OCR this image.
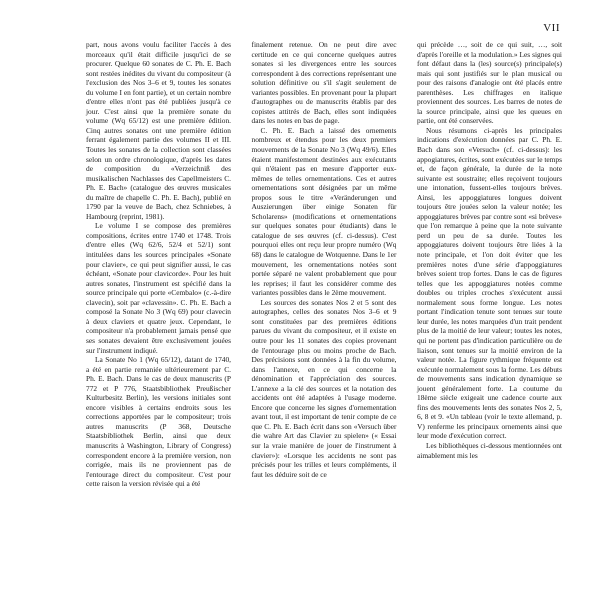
VII

part, nous avons voulu faciliter l'accès à des morceaux qu'il était difficile jusqu'ici de se procurer. Quelque 60 sonates de C. Ph. E. Bach sont restées inédites du vivant du compositeur (à l'exclusion des Nos 3–6 et 9, toutes les sonates du volume I en font partie), et un certain nombre d'entre elles n'ont pas été publiées jusqu'à ce jour. C'est ainsi que la première sonate du volume (Wq 65/12) est une première édition. Cinq autres sonates ont une première édition ferrant également partie des volumes II et III. Toutes les sonates de la collection sont classées selon un ordre chronologique, d'après les dates de composition du «Verzeichniß des musikalischen Nachlasses des Capellmeisters C. Ph. E. Bach» (catalogue des œuvres musicales du maître de chapelle C. Ph. E. Bach), publié en 1790 par la veuve de Bach, chez Schniebes, à Hambourg (reprint, 1981).

Le volume I se compose des premières compositions, écrites entre 1740 et 1748. Trois d'entre elles (Wq 62/6, 52/4 et 52/1) sont intitulées dans les sources principales «Sonate pour clavier», ce qui peut signifier aussi, le cas échéant, «Sonate pour clavicorde». Pour les huit autres sonates, l'instrument est spécifié dans la source principale qui porte «Cembalo» (c.-à-dire clavecin), soit par «clavessin». C. Ph. E. Bach a composé la Sonate No 3 (Wq 69) pour clavecin à deux claviers et quatre jeux. Cependant, le compositeur n'a probablement jamais pensé que ses sonates devaient être exclusivement jouées sur l'instrument indiqué.

La Sonate No 1 (Wq 65/12), datant de 1740, a été en partie remaniée ultérieurement par C. Ph. E. Bach. Dans le cas de deux manuscrits (P 772 et P 776, Staatsbibliothek Preußischer Kulturbesitz Berlin), les versions initiales sont encore visibles à certains endroits sous les corrections apportées par le compositeur; trois autres manuscrits (P 368, Deutsche Staatsbibliothek Berlin, ainsi que deux manuscrits à Washington, Library of Congress) correspondent encore à la première version, non corrigée, mais ils ne proviennent pas de l'entourage direct du compositeur. C'est pour cette raison la version révisée qui a été

finalement retenue. On ne peut dire avec certitude en ce qui concerne quelques autres sonates si les divergences entre les sources correspondent à des corrections représentant une solution définitive ou s'il s'agit seulement de variantes possibles. En provenant pour la plupart d'autographes ou de manuscrits établis par des copistes attitrés de Bach, elles sont indiquées dans les notes en bas de page.

C. Ph. E. Bach a laissé des ornements nombreux et étendus pour les deux premiers mouvements de la Sonate No 3 (Wq 49/6). Elles étaient manifestement destinées aux exécutants qui n'étaient pas en mesure d'apporter eux-mêmes de telles ornementations. Ces et autres ornementations sont désignées par un même propos sous le titre «Veränderungen und Auszierungen über einige Sonaten für Scholarens» (modifications et ornementations sur quelques sonates pour étudiants) dans le catalogue de ses œuvres (cf. ci-dessus). C'est pourquoi elles ont reçu leur propre numéro (Wq 68) dans le catalogue de Wotquenne. Dans le 1er mouvement, les ornementations notées sont portée séparé ne valent probablement que pour les reprises; il faut les considérer comme des variantes possibles dans le 2ème mouvement.

Les sources des sonates Nos 2 et 5 sont des autographes, celles des sonates Nos 3–6 et 9 sont constituées par des premières éditions parues du vivant du compositeur, et il existe en outre pour les 11 sonates des copies provenant de l'entourage plus ou moins proche de Bach. Des précisions sont données à la fin du volume, dans l'annexe, en ce qui concerne la dénomination et l'appréciation des sources. L'annexe a la clé des sources et la notation des accidents ont été adaptées à l'usage moderne. Encore que concerne les signes d'ornementation avant tout, il est important de tenir compte de ce que C. Ph. E. Bach écrit dans son «Versuch über die wahre Art das Clavier zu spielen» (« Essai sur la vraie manière de jouer de l'instrument à clavier»): «Lorsque les accidents ne sont pas précisés pour les trilles et leurs compléments, il faut les déduire soit de ce

qui précède …, soit de ce qui suit, …, soit d'après l'oreille et la modulation.» Les signes qui font défaut dans la (les) source(s) principale(s) mais qui sont justifiés sur le plan musical ou pour des raisons d'analogie ont été placés entre parenthèses. Les chiffrages en italique proviennent des sources. Les barres de notes de la source principale, ainsi que les queues en partie, ont été conservées.

Nous résumons ci-après les principales indications d'exécution données par C. Ph. E. Bach dans son «Versuch» (cf. ci-dessus): les appogiatures, écrites, sont exécutées sur le temps et, de façon générale, la durée de la note suivante est soustraite; elles reçoivent toujours une intonation, fussent-elles toujours brèves. Ainsi, les appoggiatures longues doivent toujours être jouées selon la valeur notée; les appoggiatures brèves par contre sont «si brèves» que l'on remarque à peine que la note suivante perd un peu de sa durée. Toutes les appoggiatures doivent toujours être liées à la note principale, et l'on doit éviter que les premières notes d'une série d'appoggiatures brèves soient trop fortes. Dans le cas de figures telles que les appoggiatures notées comme doubles ou triples croches s'exécutent aussi normalement sous forme longue. Les notes portant l'indication tenute sont tenues sur toute leur durée, les notes marquées d'un trait pendent plus de la moitié de leur valeur; toutes les notes, qui ne portent pas d'indication particulière ou de liaison, sont tenues sur la moitié environ de la valeur notée. La figure rythmique fréquente est exécutée normalement sous la forme. Les débuts de mouvements sans indication dynamique se jouent généralement forte. La coutume du 18ème siècle exigeait une cadence courte aux fins des mouvements lents des sonates Nos 2, 5, 6, 8 et 9. «Un tableau (voir le texte allemand, p. V) renferme les principaux ornements ainsi que leur mode d'exécution correct.

Les bibliothèques ci-dessous mentionnées ont aimablement mis les
